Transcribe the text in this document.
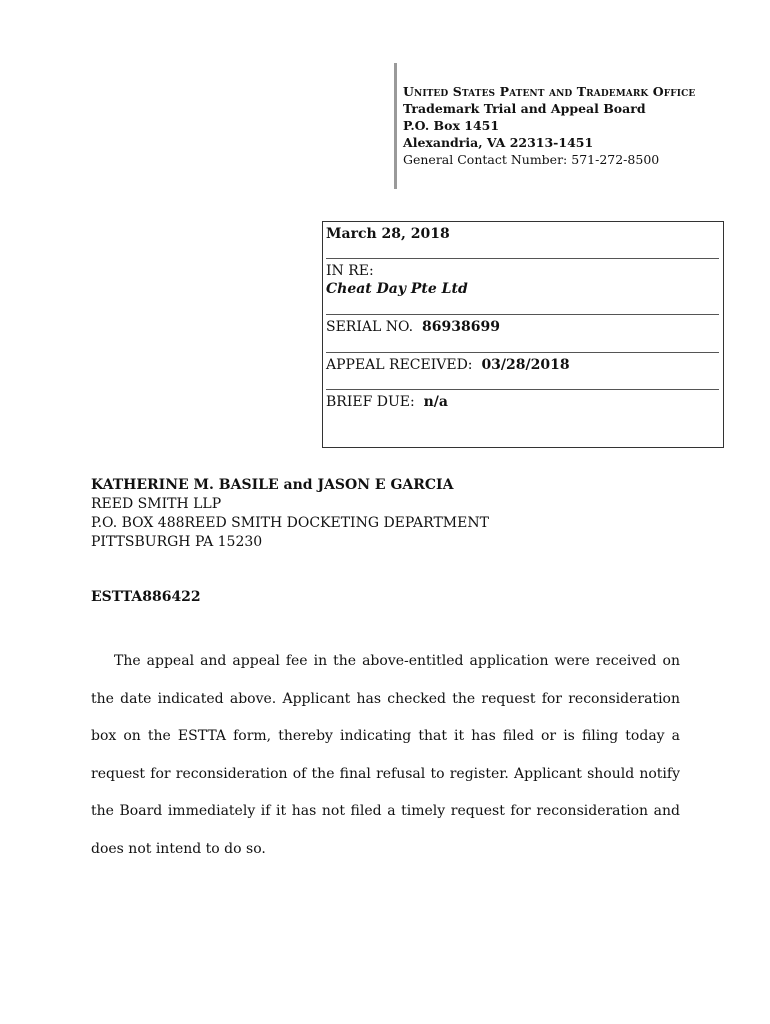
United States Patent and Trademark Office
Trademark Trial and Appeal Board
P.O. Box 1451
Alexandria, VA 22313-1451
General Contact Number: 571-272-8500
March 28, 2018
IN RE:
Cheat Day Pte Ltd
SERIAL NO. 86938699
APPEAL RECEIVED: 03/28/2018
BRIEF DUE: n/a
KATHERINE M. BASILE and JASON E GARCIA
REED SMITH LLP
P.O. BOX 488REED SMITH DOCKETING DEPARTMENT
PITTSBURGH PA 15230
ESTTA886422
The appeal and appeal fee in the above-entitled application were received on the date indicated above. Applicant has checked the request for reconsideration box on the ESTTA form, thereby indicating that it has filed or is filing today a request for reconsideration of the final refusal to register. Applicant should notify the Board immediately if it has not filed a timely request for reconsideration and does not intend to do so.
